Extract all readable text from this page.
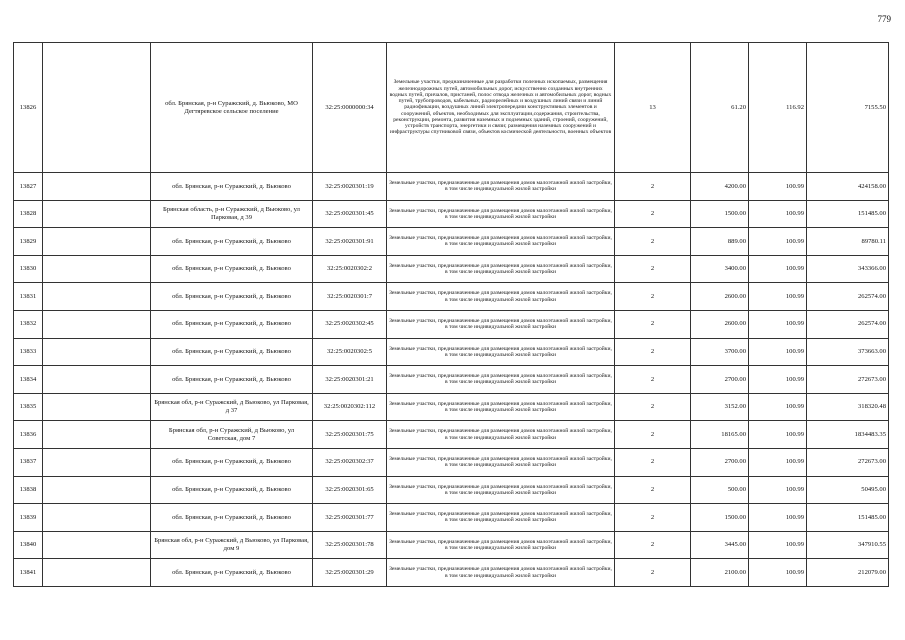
779
13826		обл. Брянская, р-н Суражский, д. Вьюково, МО Дегтяревское сельское поселение	32:25:0000000:34	Земельные участки, предназначенные для разработки полезных ископаемых, размещения железнодорожных путей, автомобильных дорог, искусственно созданных внутренних водных путей, причалов, пристаней, полос отвода железных и автомобильных дорог, водных путей, трубопроводов, кабельных, радиорелейных и воздушных линий связи и линий радиофикации, воздушных линий электропередачи конструктивных элементов и сооружений, объектов, необходимых для эксплуатации,содержания, строительства, реконструкции, ремонта, развития наземных и подземных зданий, строений, сооружений, устройств транспорта, энергетики и связи; размещения наземных сооружений и инфраструктуры спутниковой связи, объектов космической деятельности, военных объектов	13	61.20	116.92	7155.50
13827		обл. Брянская, р-н Суражский, д. Вьюково	32:25:0020301:19	Земельные участки, предназначенные для размещения домов малоэтажной жилой застройки, в том числе индивидуальной жилой застройки	2	4200.00	100.99	424158.00
13828		Брянская область, р-н Суражский, д Вьюково, ул Парковая, д 39	32:25:0020301:45	Земельные участки, предназначенные для размещения домов малоэтажной жилой застройки, в том числе индивидуальной жилой застройки	2	1500.00	100.99	151485.00
13829		обл. Брянская, р-н Суражский, д. Вьюково	32:25:0020301:91	Земельные участки, предназначенные для размещения домов малоэтажной жилой застройки, в том числе индивидуальной жилой застройки	2	889.00	100.99	89780.11
13830		обл. Брянская, р-н Суражский, д. Вьюково	32:25:0020302:2	Земельные участки, предназначенные для размещения домов малоэтажной жилой застройки, в том числе индивидуальной жилой застройки	2	3400.00	100.99	343366.00
13831		обл. Брянская, р-н Суражский, д. Вьюково	32:25:0020301:7	Земельные участки, предназначенные для размещения домов малоэтажной жилой застройки, в том числе индивидуальной жилой застройки	2	2600.00	100.99	262574.00
13832		обл. Брянская, р-н Суражский, д. Вьюково	32:25:0020302:45	Земельные участки, предназначенные для размещения домов малоэтажной жилой застройки, в том числе индивидуальной жилой застройки	2	2600.00	100.99	262574.00
13833		обл. Брянская, р-н Суражский, д. Вьюково	32:25:0020302:5	Земельные участки, предназначенные для размещения домов малоэтажной жилой застройки, в том числе индивидуальной жилой застройки	2	3700.00	100.99	373663.00
13834		обл. Брянская, р-н Суражский, д. Вьюково	32:25:0020301:21	Земельные участки, предназначенные для размещения домов малоэтажной жилой застройки, в том числе индивидуальной жилой застройки	2	2700.00	100.99	272673.00
13835		Брянская обл, р-н Суражский, д Вьюково, ул Парковая, д 37	32:25:0020302:112	Земельные участки, предназначенные для размещения домов малоэтажной жилой застройки, в том числе индивидуальной жилой застройки	2	3152.00	100.99	318320.48
13836		Брянская обл, р-н Суражский, д Вьюково, ул Советская, дом 7	32:25:0020301:75	Земельные участки, предназначенные для размещения домов малоэтажной жилой застройки, в том числе индивидуальной жилой застройки	2	18165.00	100.99	1834483.35
13837		обл. Брянская, р-н Суражский, д. Вьюково	32:25:0020302:37	Земельные участки, предназначенные для размещения домов малоэтажной жилой застройки, в том числе индивидуальной жилой застройки	2	2700.00	100.99	272673.00
13838		обл. Брянская, р-н Суражский, д. Вьюково	32:25:0020301:65	Земельные участки, предназначенные для размещения домов малоэтажной жилой застройки, в том числе индивидуальной жилой застройки	2	500.00	100.99	50495.00
13839		обл. Брянская, р-н Суражский, д. Вьюково	32:25:0020301:77	Земельные участки, предназначенные для размещения домов малоэтажной жилой застройки, в том числе индивидуальной жилой застройки	2	1500.00	100.99	151485.00
13840		Брянская обл, р-н Суражский, д Вьюково, ул Парковая, дом 9	32:25:0020301:78	Земельные участки, предназначенные для размещения домов малоэтажной жилой застройки, в том числе индивидуальной жилой застройки	2	3445.00	100.99	347910.55
13841		обл. Брянская, р-н Суражский, д. Вьюково	32:25:0020301:29	Земельные участки, предназначенные для размещения домов малоэтажной жилой застройки, в том числе индивидуальной жилой застройки	2	2100.00	100.99	212079.00
